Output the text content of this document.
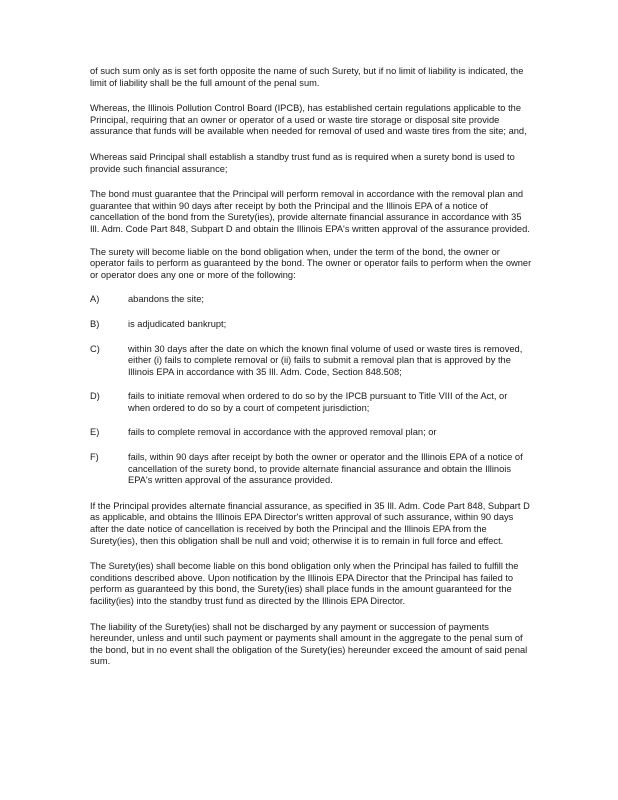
of such sum only as is set forth opposite the name of such Surety, but if no limit of liability is indicated, the limit of liability shall be the full amount of the penal sum.

Whereas, the Illinois Pollution Control Board (IPCB), has established certain regulations applicable to the Principal, requiring that an owner or operator of a used or waste tire storage or disposal site provide assurance that funds will be available when needed for removal of used and waste tires from the site; and,

Whereas said Principal shall establish a standby trust fund as is required when a surety bond is used to provide such financial assurance;

The bond must guarantee that the Principal will perform removal in accordance with the removal plan and guarantee that within 90 days after receipt by both the Principal and the Illinois EPA of a notice of cancellation of the bond from the Surety(ies), provide alternate financial assurance in accordance with 35 Ill. Adm. Code Part 848, Subpart D and obtain the Illinois EPA's written approval of the assurance provided.

The surety will become liable on the bond obligation when, under the term of the bond, the owner or operator fails to perform as guaranteed by the bond. The owner or operator fails to perform when the owner or operator does any one or more of the following:

A)	abandons the site;
B)	is adjudicated bankrupt;
C)	within 30 days after the date on which the known final volume of used or waste tires is removed, either (i) fails to complete removal or (ii) fails to submit a removal plan that is approved by the Illinois EPA in accordance with 35 Ill. Adm. Code, Section 848.508;
D)	fails to initiate removal when ordered to do so by the IPCB pursuant to Title VIII of the Act, or when ordered to do so by a court of competent jurisdiction;
E)	fails to complete removal in accordance with the approved removal plan; or
F)	fails, within 90 days after receipt by both the owner or operator and the Illinois EPA of a notice of cancellation of the surety bond, to provide alternate financial assurance and obtain the Illinois EPA's written approval of the assurance provided.

If the Principal provides alternate financial assurance, as specified in 35 Ill. Adm. Code Part 848, Subpart D as applicable, and obtains the Illinois EPA Director's written approval of such assurance, within 90 days after the date notice of cancellation is received by both the Principal and the Illinois EPA from the Surety(ies), then this obligation shall be null and void; otherwise it is to remain in full force and effect.

The Surety(ies) shall become liable on this bond obligation only when the Principal has failed to fulfill the conditions described above. Upon notification by the Illinois EPA Director that the Principal has failed to perform as guaranteed by this bond, the Surety(ies) shall place funds in the amount guaranteed for the facility(ies) into the standby trust fund as directed by the Illinois EPA Director.

The liability of the Surety(ies) shall not be discharged by any payment or succession of payments hereunder, unless and until such payment or payments shall amount in the aggregate to the penal sum of the bond, but in no event shall the obligation of the Surety(ies) hereunder exceed the amount of said penal sum.
